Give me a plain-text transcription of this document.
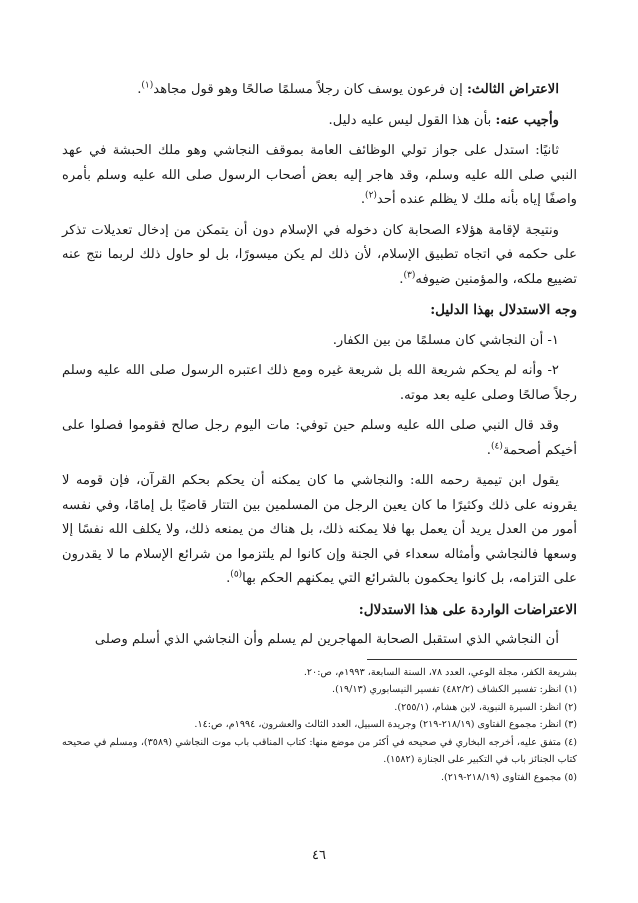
الاعتراض الثالث: إن فرعون يوسف كان رجلاً مسلمًا صالحًا وهو قول مجاهد$^{(١)}$.

وأجيب عنه: بأن هذا القول ليس عليه دليل.

ثانيًا: استدل على جواز تولي الوظائف العامة بموقف النجاشي وهو ملك الحبشة في عهد النبي صلى الله عليه وسلم، وقد هاجر إليه بعض أصحاب الرسول صلى الله عليه وسلم بأمره واصفًا إياه بأنه ملك لا يظلم عنده أحد$^{(٢)}$.

ونتيجة لإقامة هؤلاء الصحابة كان دخوله في الإسلام دون أن يتمكن من إدخال تعديلات تذكر على حكمه في اتجاه تطبيق الإسلام، لأن ذلك لم يكن ميسورًا، بل لو حاول ذلك لربما نتج عنه تضييع ملكه، والمؤمنين ضيوفه$^{(٣)}$.

وجه الاستدلال بهذا الدليل:

١- أن النجاشي كان مسلمًا من بين الكفار.

٢- وأنه لم يحكم شريعة الله بل شريعة غيره ومع ذلك اعتبره الرسول صلى الله عليه وسلم رجلاً صالحًا وصلى عليه بعد موته.

وقد قال النبي صلى الله عليه وسلم حين توفي: مات اليوم رجل صالح فقوموا فصلوا على أخيكم أصحمة$^{(٤)}$.

يقول ابن تيمية رحمه الله: والنجاشي ما كان يمكنه أن يحكم بحكم القرآن، فإن قومه لا يقرونه على ذلك وكثيرًا ما كان يعين الرجل من المسلمين بين التتار قاضيًا بل إمامًا، وفي نفسه أمور من العدل يريد أن يعمل بها فلا يمكنه ذلك، بل هناك من يمنعه ذلك، ولا يكلف الله نفسًا إلا وسعها فالنجاشي وأمثاله سعداء في الجنة وإن كانوا لم يلتزموا من شرائع الإسلام ما لا يقدرون على التزامه، بل كانوا يحكمون بالشرائع التي يمكنهم الحكم بها$^{(٥)}$.

الاعتراضات الواردة على هذا الاستدلال:

أن النجاشي الذي استقبل الصحابة المهاجرين لم يسلم وأن النجاشي الذي أسلم وصلى

بشريعة الكفر، مجلة الوعي، العدد ٧٨، السنة السابعة، ١٩٩٣م، ص:٢٠.

(١) انظر: تفسير الكشاف (٤٨٢/٢) تفسير النيسابوري (١٩/١٣).

(٢) انظر: السيرة النبوية، لابن هشام، (٢٥٥/١).

(٣) انظر: مجموع الفتاوى (٢١٨/١٩-٢١٩) وجريدة السبيل، العدد الثالث والعشرون، ١٩٩٤م، ص:١٤.

(٤) متفق عليه، أخرجه البخاري في صحيحه في أكثر من موضع منها: كتاب المناقب باب موت النجاشي (٣٥٨٩)، ومسلم في صحيحه كتاب الجنائز باب في التكبير على الجنازة (١٥٨٢).

(٥) مجموع الفتاوى (٢١٨/١٩-٢١٩).

٤٦
